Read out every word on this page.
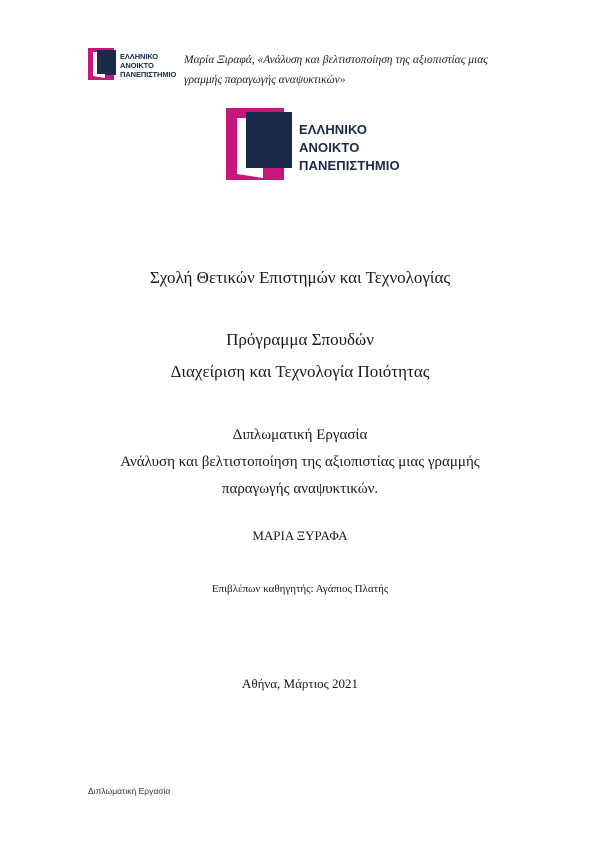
ΕΛΛΗΝΙΚΟ
ΑΝΟΙΚΤΟ
ΠΑΝΕΠΙΣΤΗΜΙΟ
Μαρία Ξιραφά, «Ανάλυση και βελτιστοποίηση της αξιοπιστίας μιας
γραμμής παραγωγής αναψυκτικών»
ΕΛΛΗΝΙΚΟ
ΑΝΟΙΚΤΟ
ΠΑΝΕΠΙΣΤΗΜΙΟ
Σχολή Θετικών Επιστημών και Τεχνολογίας
Πρόγραμμα Σπουδών
Διαχείριση και Τεχνολογία Ποιότητας
Διπλωματική Εργασία
Ανάλυση και βελτιστοποίηση της αξιοπιστίας μιας γραμμής
παραγωγής αναψυκτικών.
ΜΑΡΙΑ ΞΥΡΑΦΑ
Επιβλέπων καθηγητής: Αγάπιος Πλατής
Αθήνα, Μάρτιος 2021
Διπλωματική Εργασία
